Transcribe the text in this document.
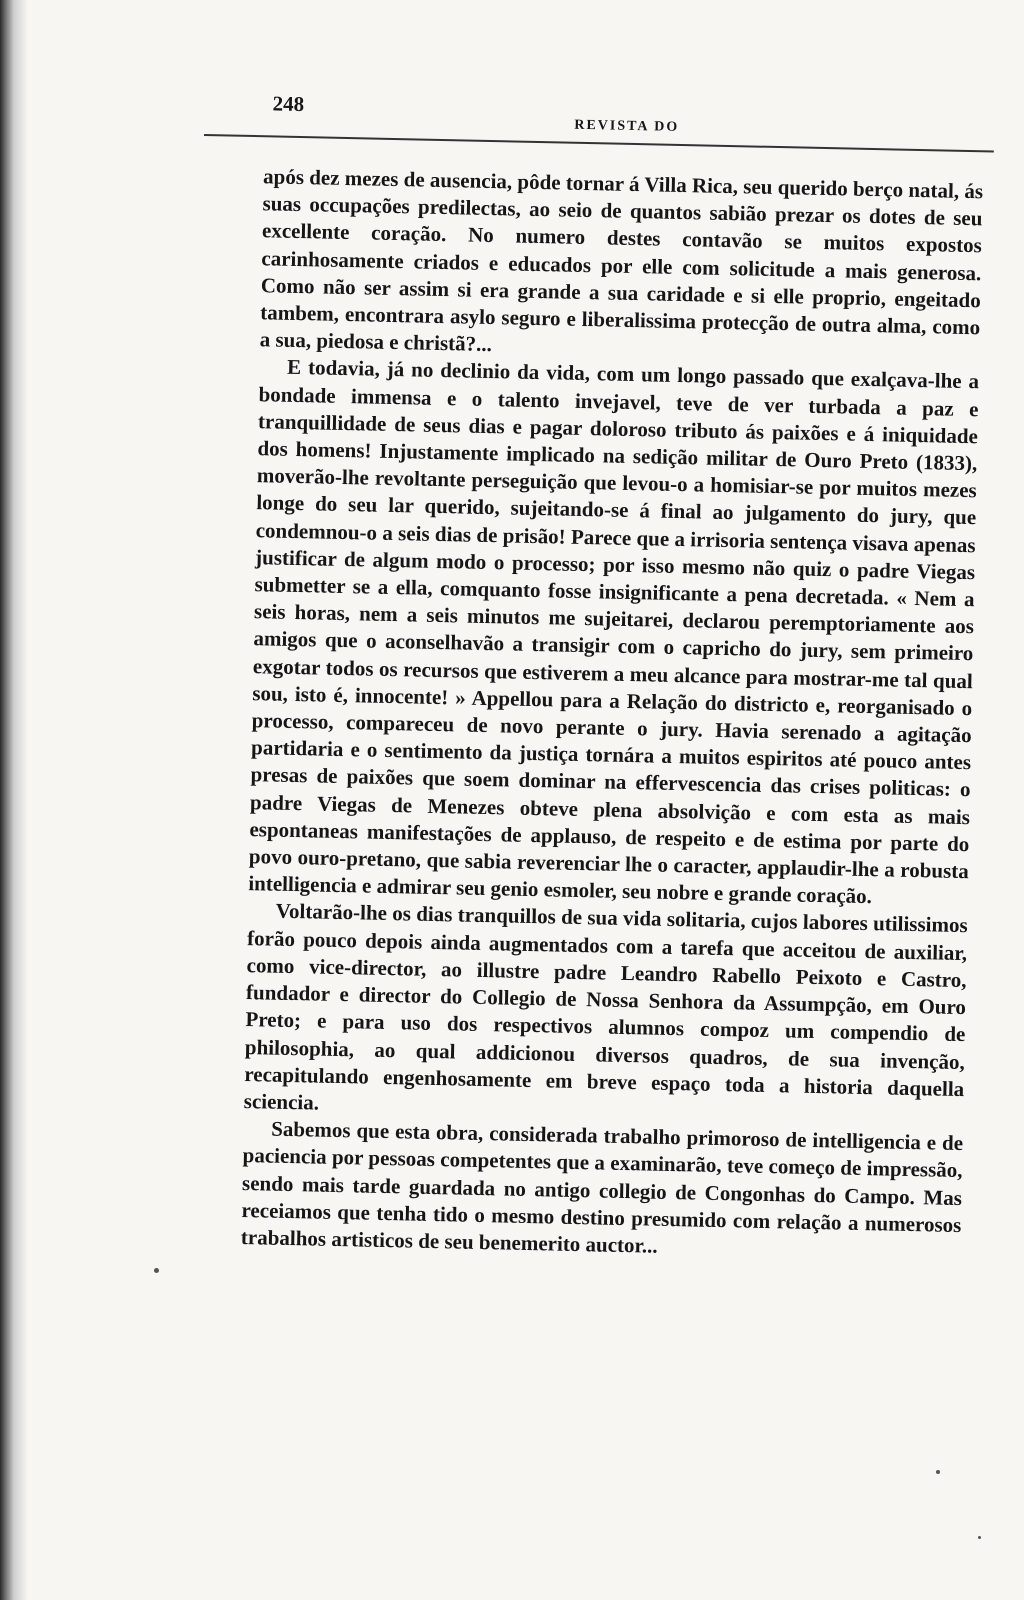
248
REVISTA DO

após dez mezes de ausencia, pôde tornar á Villa Rica, seu querido berço natal, ás suas occupações predilectas, ao seio de quantos sabião prezar os dotes de seu excellente coração. No numero destes contavão se muitos expostos carinhosamente criados e educados por elle com solicitude a mais generosa. Como não ser assim si era grande a sua caridade e si elle proprio, engeitado tambem, encontrara asylo seguro e liberalissima protecção de outra alma, como a sua, piedosa e christã?...

E todavia, já no declinio da vida, com um longo passado que exalçava-lhe a bondade immensa e o talento invejavel, teve de ver turbada a paz e tranquillidade de seus dias e pagar doloroso tributo ás paixões e á iniquidade dos homens! Injustamente implicado na sedição militar de Ouro Preto (1833), moverão-lhe revoltante perseguição que levou-o a homisiar-se por muitos mezes longe do seu lar querido, sujeitando-se á final ao julgamento do jury, que condemnou-o a seis dias de prisão! Parece que a irrisoria sentença visava apenas justificar de algum modo o processo; por isso mesmo não quiz o padre Viegas submetter se a ella, comquanto fosse insignificante a pena decretada. « Nem a seis horas, nem a seis minutos me sujeitarei, declarou peremptoriamente aos amigos que o aconselhavão a transigir com o capricho do jury, sem primeiro exgotar todos os recursos que estiverem a meu alcance para mostrar-me tal qual sou, isto é, innocente! » Appellou para a Relação do districto e, reorganisado o processo, compareceu de novo perante o jury. Havia serenado a agitação partidaria e o sentimento da justiça tornára a muitos espiritos até pouco antes presas de paixões que soem dominar na effervescencia das crises politicas: o padre Viegas de Menezes obteve plena absolvição e com esta as mais espontaneas manifestações de applauso, de respeito e de estima por parte do povo ouro-pretano, que sabia reverenciar lhe o caracter, applaudir-lhe a robusta intelligencia e admirar seu genio esmoler, seu nobre e grande coração.

Voltarão-lhe os dias tranquillos de sua vida solitaria, cujos labores utilissimos forão pouco depois ainda augmentados com a tarefa que acceitou de auxiliar, como vice-director, ao illustre padre Leandro Rabello Peixoto e Castro, fundador e director do Collegio de Nossa Senhora da Assumpção, em Ouro Preto; e para uso dos respectivos alumnos compoz um compendio de philosophia, ao qual addicionou diversos quadros, de sua invenção, recapitulando engenhosamente em breve espaço toda a historia daquella sciencia.

Sabemos que esta obra, considerada trabalho primoroso de intelligencia e de paciencia por pessoas competentes que a examinarão, teve começo de impressão, sendo mais tarde guardada no antigo collegio de Congonhas do Campo. Mas receiamos que tenha tido o mesmo destino presumido com relação a numerosos trabalhos artisticos de seu benemerito auctor...
